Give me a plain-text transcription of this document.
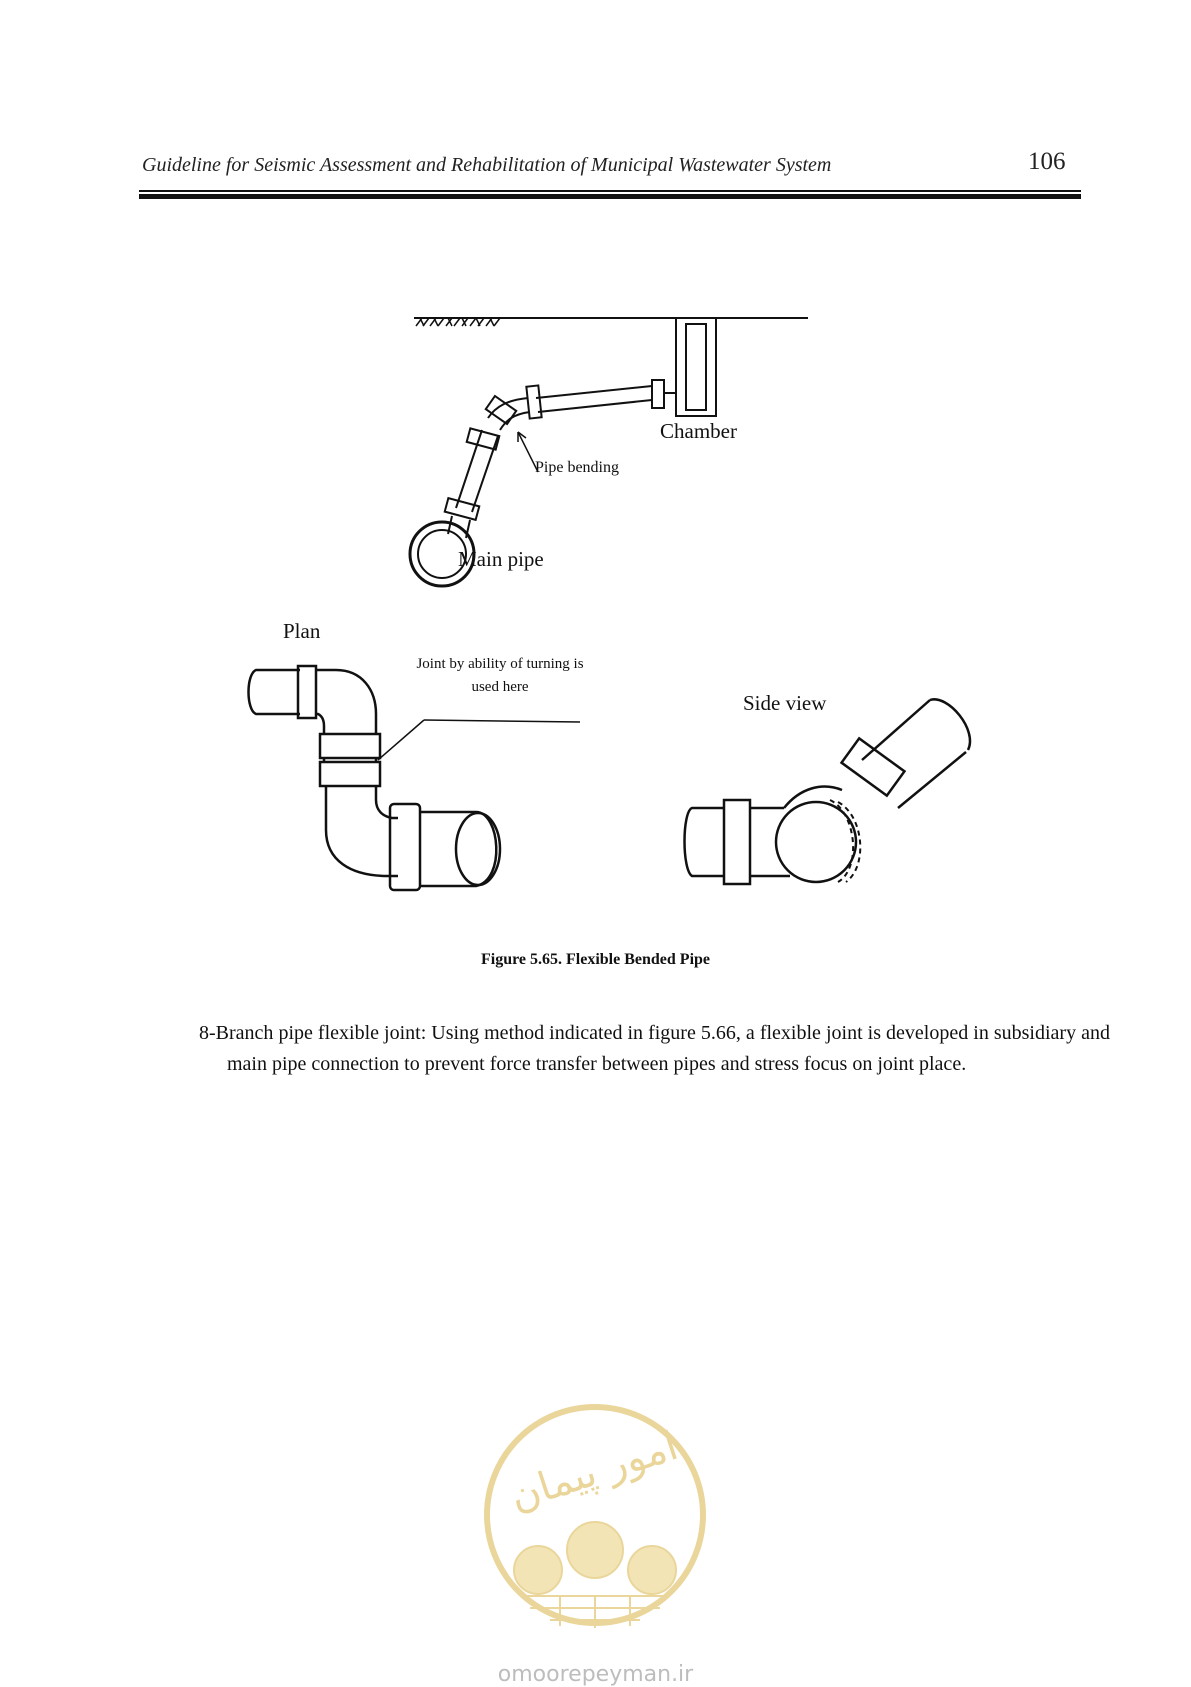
Guideline for Seismic Assessment and Rehabilitation of Municipal Wastewater System	106
Chamber
Pipe bending
Main pipe
Plan
Joint by ability of turning is
used here
Side view
Figure 5.65. Flexible Bended Pipe
8-Branch pipe flexible joint: Using method indicated in figure 5.66, a flexible joint is developed in subsidiary and main pipe connection to prevent force transfer between pipes and stress focus on joint place.
امور پیمان
omoorepeyman.ir
